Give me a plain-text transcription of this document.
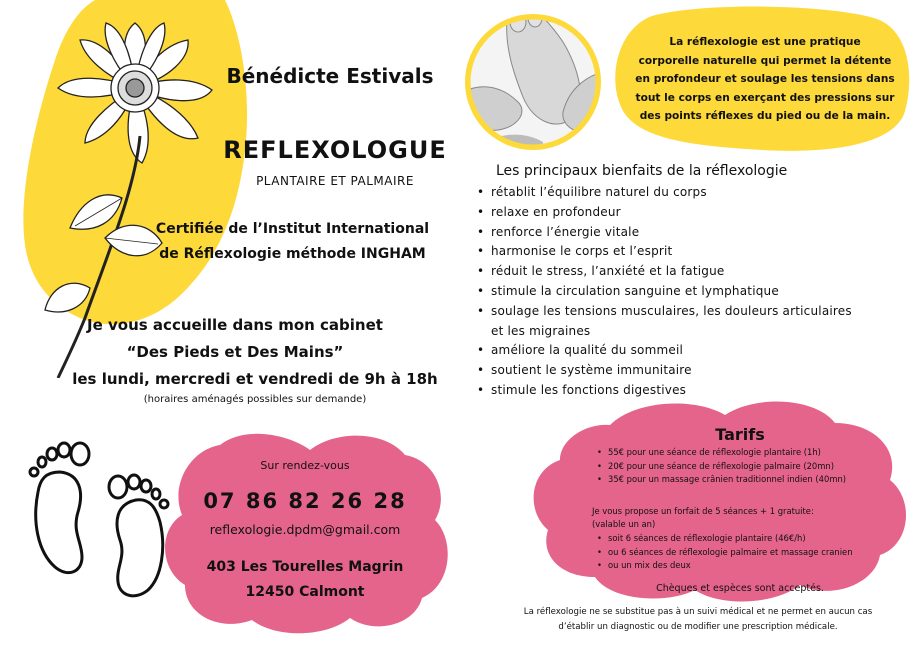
Bénédicte Estivals
REFLEXOLOGUE
PLANTAIRE ET PALMAIRE
Certifiée de l’Institut International
de Réflexologie méthode INGHAM
Je vous accueille dans mon cabinet
“Des Pieds et Des Mains”
les lundi, mercredi et vendredi de 9h à 18h
(horaires aménagés possibles sur demande)
La réflexologie est une pratique
corporelle naturelle qui permet la détente
en profondeur et soulage les tensions dans
tout le corps en exerçant des pressions sur
des points réflexes du pied ou de la main.
Les principaux bienfaits de la réflexologie
• rétablit l’équilibre naturel du corps
• relaxe en profondeur
• renforce l’énergie vitale
• harmonise le corps et l’esprit
• réduit le stress, l’anxiété et la fatigue
• stimule la circulation sanguine et lymphatique
• soulage les tensions musculaires, les douleurs articulaires
et les migraines
• améliore la qualité du sommeil
• soutient le système immunitaire
• stimule les fonctions digestives
Sur rendez-vous
07 86 82 26 28
reflexologie.dpdm@gmail.com
403 Les Tourelles Magrin
12450 Calmont
Tarifs
• 55€ pour une séance de réflexologie plantaire (1h)
• 20€ pour une séance de réflexologie palmaire (20mn)
• 35€ pour un massage crânien traditionnel indien (40mn)
Je vous propose un forfait de 5 séances + 1 gratuite:
(valable un an)
• soit 6 séances de réflexologie plantaire (46€/h)
• ou 6 séances de réflexologie palmaire et massage cranien
• ou un mix des deux
Chèques et espèces sont acceptés.
La réflexologie ne se substitue pas à un suivi médical et ne permet en aucun cas
d’établir un diagnostic ou de modifier une prescription médicale.
